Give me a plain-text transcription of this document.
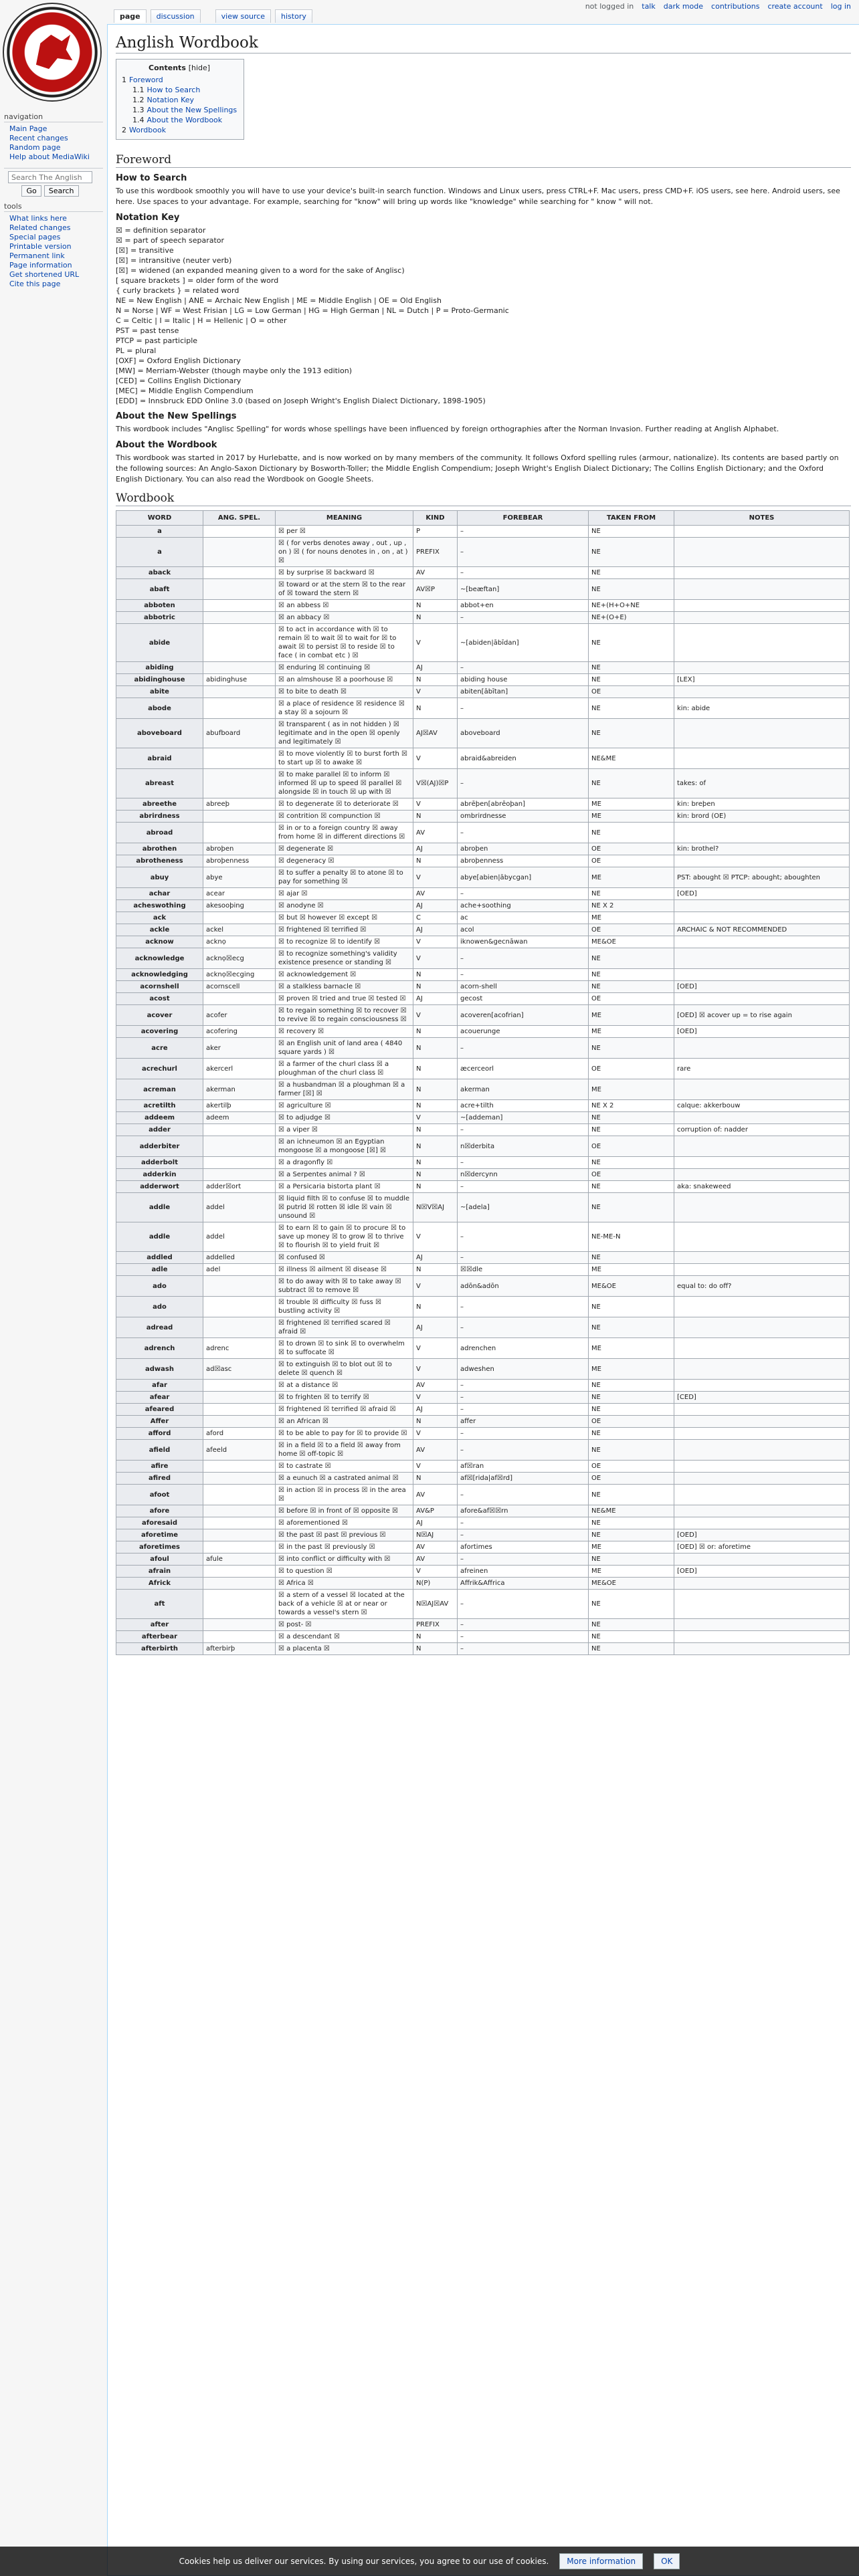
not logged in talk dark mode contributions create account log in
page	discussion	view source	history
navigation
Main Page
Recent changes
Random page
Help about MediaWiki
Search The Anglish
Go	Search
tools
What links here
Related changes
Special pages
Printable version
Permanent link
Page information
Get shortened URL
Cite this page
Anglish Wordbook
Contents [hide]
1 Foreword
1.1 How to Search
1.2 Notation Key
1.3 About the New Spellings
1.4 About the Wordbook
2 Wordbook
Foreword
How to Search

To use this wordbook smoothly you will have to use your device's built-in search function. Windows and Linux users, press CTRL+F. Mac users, press CMD+F. iOS users, see here. Android users, see here. Use spaces to your advantage. For example, searching for "know" will bring up words like "knowledge" while searching for " know " will not.

Notation Key

☒ = definition separator

☒ = part of speech separator

[☒] = transitive

[☒] = intransitive (neuter verb)

[☒] = widened (an expanded meaning given to a word for the sake of Anglisc)

[ square brackets ] = older form of the word

{ curly brackets } = related word

NE = New English | ANE = Archaic New English | ME = Middle English | OE = Old English

N = Norse | WF = West Frisian | LG = Low German | HG = High German | NL = Dutch | P = Proto-Germanic

C = Celtic | I = Italic | H = Hellenic | O = other

PST = past tense

PTCP = past participle

PL = plural

[OXF] = Oxford English Dictionary

[MW] = Merriam-Webster (though maybe only the 1913 edition)

[CED] = Collins English Dictionary

[MEC] = Middle English Compendium

[EDD] = Innsbruck EDD Online 3.0 (based on Joseph Wright's English Dialect Dictionary, 1898-1905)

About the New Spellings

This wordbook includes "Anglisc Spelling" for words whose spellings have been influenced by foreign orthographies after the Norman Invasion. Further reading at Anglish Alphabet.

About the Wordbook

This wordbook was started in 2017 by Hurlebatte, and is now worked on by many members of the community. It follows Oxford spelling rules (armour, nationalize). Its contents are based partly on the following sources: An Anglo-Saxon Dictionary by Bosworth-Toller; the Middle English Compendium; Joseph Wright's English Dialect Dictionary; The Collins English Dictionary; and the Oxford English Dictionary. You can also read the Wordbook on Google Sheets.

Wordbook
WORD	ANG. SPEL.	MEANING	KIND	FOREBEAR	TAKEN FROM	NOTES
a		☒ per ☒	P	–	NE	
a		☒ ( for verbs denotes away , out , up , on ) ☒ ( for nouns denotes in , on , at ) ☒	PREFIX	–	NE	
aback		☒ by surprise ☒ backward ☒	AV	–	NE	
abaft		☒ toward or at the stern ☒ to the rear of ☒ toward the stern ☒	AV☒P	~[beæftan]	NE	
abboten		☒ an abbess ☒	N	abbot+en	NE+(H+O+NE	
abbotric		☒ an abbacy ☒	N	–	NE+(O+E)	
abide		☒ to act in accordance with ☒ to remain ☒ to wait ☒ to wait for ☒ to await ☒ to persist ☒ to reside ☒ to face ( in combat etc ) ☒	V	~[abiden|ābīdan]	NE	
abiding		☒ enduring ☒ continuing ☒	AJ	–	NE	
abidinghouse	abidinghuse	☒ an almshouse ☒ a poorhouse ☒	N	abiding house	NE	[LEX]
abite		☒ to bite to death ☒	V	abiten[ābītan]	OE	
abode		☒ a place of residence ☒ residence ☒ a stay ☒ a sojourn ☒	N	–	NE	kin: abide
aboveboard	abufboard	☒ transparent ( as in not hidden ) ☒ legitimate and in the open ☒ openly and legitimately ☒	AJ☒AV	aboveboard	NE	
abraid		☒ to move violently ☒ to burst forth ☒ to start up ☒ to awake ☒	V	abraid&abreiden	NE&ME	
abreast		☒ to make parallel ☒ to inform ☒ informed ☒ up to speed ☒ parallel ☒ alongside ☒ in touch ☒ up with ☒	V☒(AJ)☒P	–	NE	takes: of
abreethe	abreeþ	☒ to degenerate ☒ to deteriorate ☒	V	abrēþen[abrēoþan]	ME	kin: breþen
abrirdness		☒ contrition ☒ compunction ☒	N	ombrirdnesse	ME	kin: brord (OE)
abroad		☒ in or to a foreign country ☒ away from home ☒ in different directions ☒	AV	–	NE	
abrothen	abroþen	☒ degenerate ☒	AJ	abroþen	OE	kin: brothel?
abrotheness	abroþenness	☒ degeneracy ☒	N	abroþenness	OE	
abuy	abye	☒ to suffer a penalty ☒ to atone ☒ to pay for something ☒	V	abye[abien|ābycgan]	ME	PST: abought ☒ PTCP: abought; aboughten
achar	acear	☒ ajar ☒	AV	–	NE	[OED]
acheswothing	akesooþing	☒ anodyne ☒	AJ	ache+soothing	NE X 2	
ack		☒ but ☒ however ☒ except ☒	C	ac	ME	
ackle	ackel	☒ frightened ☒ terrified ☒	AJ	acol	OE	ARCHAIC & NOT RECOMMENDED
acknow	acknọ	☒ to recognize ☒ to identify ☒	V	iknowen&gecnāwan	ME&OE	
acknowledge	acknọ☒ecg	☒ to recognize something's validity existence presence or standing ☒	V	–	NE	
acknowledging	acknọ☒ecging	☒ acknowledgement ☒	N	–	NE	
acornshell	acornscell	☒ a stalkless barnacle ☒	N	acorn-shell	NE	[OED]
acost		☒ proven ☒ tried and true ☒ tested ☒	AJ	gecost	OE	
acover	acofer	☒ to regain something ☒ to recover ☒ to revive ☒ to regain consciousness ☒	V	acoveren[acofrian]	ME	[OED] ☒ acover up = to rise again
acovering	acofering	☒ recovery ☒	N	acouerunge	ME	[OED]
acre	aker	☒ an English unit of land area ( 4840 square yards ) ☒	N	–	NE	
acrechurl	akercerl	☒ a farmer of the churl class ☒ a ploughman of the churl class ☒	N	æcerceorl	OE	rare
acreman	akerman	☒ a husbandman ☒ a ploughman ☒ a farmer [☒] ☒	N	akerman	ME	
acretilth	akertilþ	☒ agriculture ☒	N	acre+tilth	NE X 2	calque: akkerbouw
addeem	adeem	☒ to adjudge ☒	V	~[addeman]	NE	
adder		☒ a viper ☒	N	–	NE	corruption of: nadder
adderbiter		☒ an ichneumon ☒ an Egyptian mongoose ☒ a mongoose [☒] ☒	N	n☒derbita	OE	
adderbolt		☒ a dragonfly ☒	N	–	NE	
adderkin		☒ a Serpentes animal ? ☒	N	n☒dercynn	OE	
adderwort	adder☒ort	☒ a Persicaria bistorta plant ☒	N	–	NE	aka: snakeweed
addle	addel	☒ liquid filth ☒ to confuse ☒ to muddle ☒ putrid ☒ rotten ☒ idle ☒ vain ☒ unsound ☒	N☒V☒AJ	~[adela]	NE	
addle	addel	☒ to earn ☒ to gain ☒ to procure ☒ to save up money ☒ to grow ☒ to thrive ☒ to flourish ☒ to yield fruit ☒	V	–	NE-ME-N	
addled	addelled	☒ confused ☒	AJ	–	NE	
adle	adel	☒ illness ☒ ailment ☒ disease ☒	N	☒☒dle	ME	
ado		☒ to do away with ☒ to take away ☒ subtract ☒ to remove ☒	V	adōn&adōn	ME&OE	equal to: do off?
ado		☒ trouble ☒ difficulty ☒ fuss ☒ bustling activity ☒	N	–	NE	
adread		☒ frightened ☒ terrified scared ☒ afraid ☒	AJ	–	NE	
adrench	adrenc	☒ to drown ☒ to sink ☒ to overwhelm ☒ to suffocate ☒	V	adrenchen	ME	
adwash	ad☒asc	☒ to extinguish ☒ to blot out ☒ to delete ☒ quench ☒	V	adweshen	ME	
afar		☒ at a distance ☒	AV	–	NE	
afear		☒ to frighten ☒ to terrify ☒	V	–	NE	[CED]
afeared		☒ frightened ☒ terrified ☒ afraid ☒	AJ	–	NE	
Affer		☒ an African ☒	N	affer	OE	
afford	aford	☒ to be able to pay for ☒ to provide ☒	V	–	NE	
afield	afeeld	☒ in a field ☒ to a field ☒ away from home ☒ off-topic ☒	AV	–	NE	
afire		☒ to castrate ☒	V	af☒ran	OE	
afired		☒ a eunuch ☒ a castrated animal ☒	N	af☒[rida|af☒rd]	OE	
afoot		☒ in action ☒ in process ☒ in the area ☒	AV	–	NE	
afore		☒ before ☒ in front of ☒ opposite ☒	AV&P	afore&af☒☒rn	NE&ME	
aforesaid		☒ aforementioned ☒	AJ	–	NE	
aforetime		☒ the past ☒ past ☒ previous ☒	N☒AJ	–	NE	[OED]
aforetimes		☒ in the past ☒ previously ☒	AV	afortimes	ME	[OED] ☒ or: aforetime
afoul	afule	☒ into conflict or difficulty with ☒	AV	–	NE	
afrain		☒ to question ☒	V	afreinen	ME	[OED]
Africk		☒ Africa ☒	N(P)	Affrik&Affrica	ME&OE	
aft		☒ a stern of a vessel ☒ located at the back of a vehicle ☒ at or near or towards a vessel's stern ☒	N☒AJ☒AV	–	NE	
after		☒ post- ☒	PREFIX	–	NE	
afterbear		☒ a descendant ☒	N	–	NE	
afterbirth	afterbirþ	☒ a placenta ☒	N	–	NE	
Cookies help us deliver our services. By using our services, you agree to our use of cookies.	More information	OK
